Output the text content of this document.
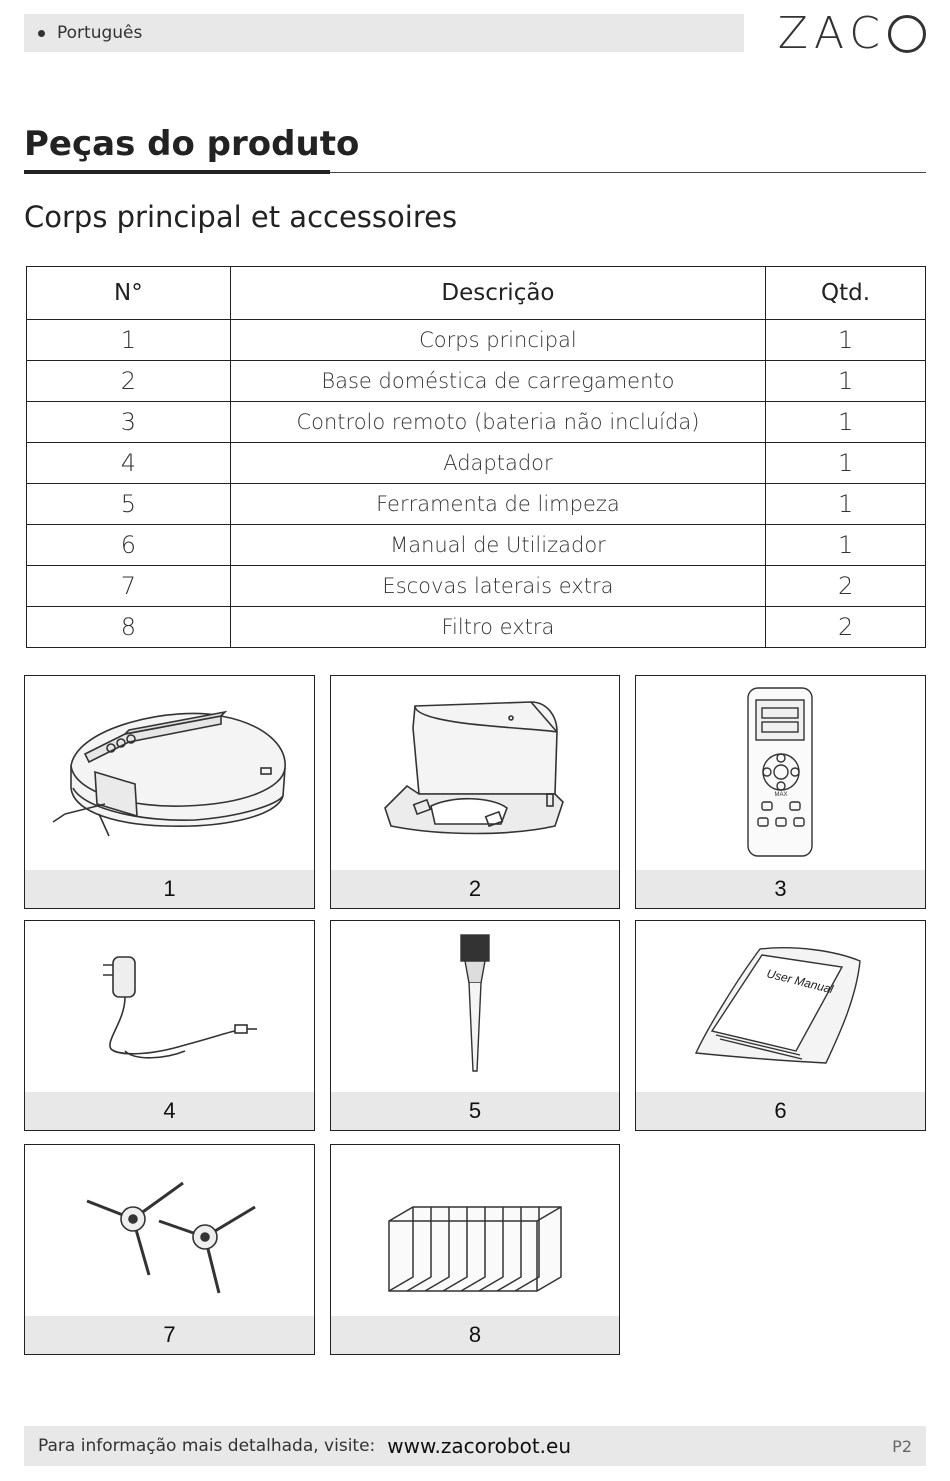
Português	ZAC
Peças do produto
Corps principal et accessoires
N°	Descrição	Qtd.
1	Corps principal	1
2	Base doméstica de carregamento	1
3	Controlo remoto (bateria não incluída)	1
4	Adaptador	1
5	Ferramenta de limpeza	1
6	Manual de Utilizador	1
7	Escovas laterais extra	2
8	Filtro extra	2
1	2
MAX
3
4	5
User Manual
6
7	8
Para informação mais detalhada, visite: www.zacorobot.eu	P2
